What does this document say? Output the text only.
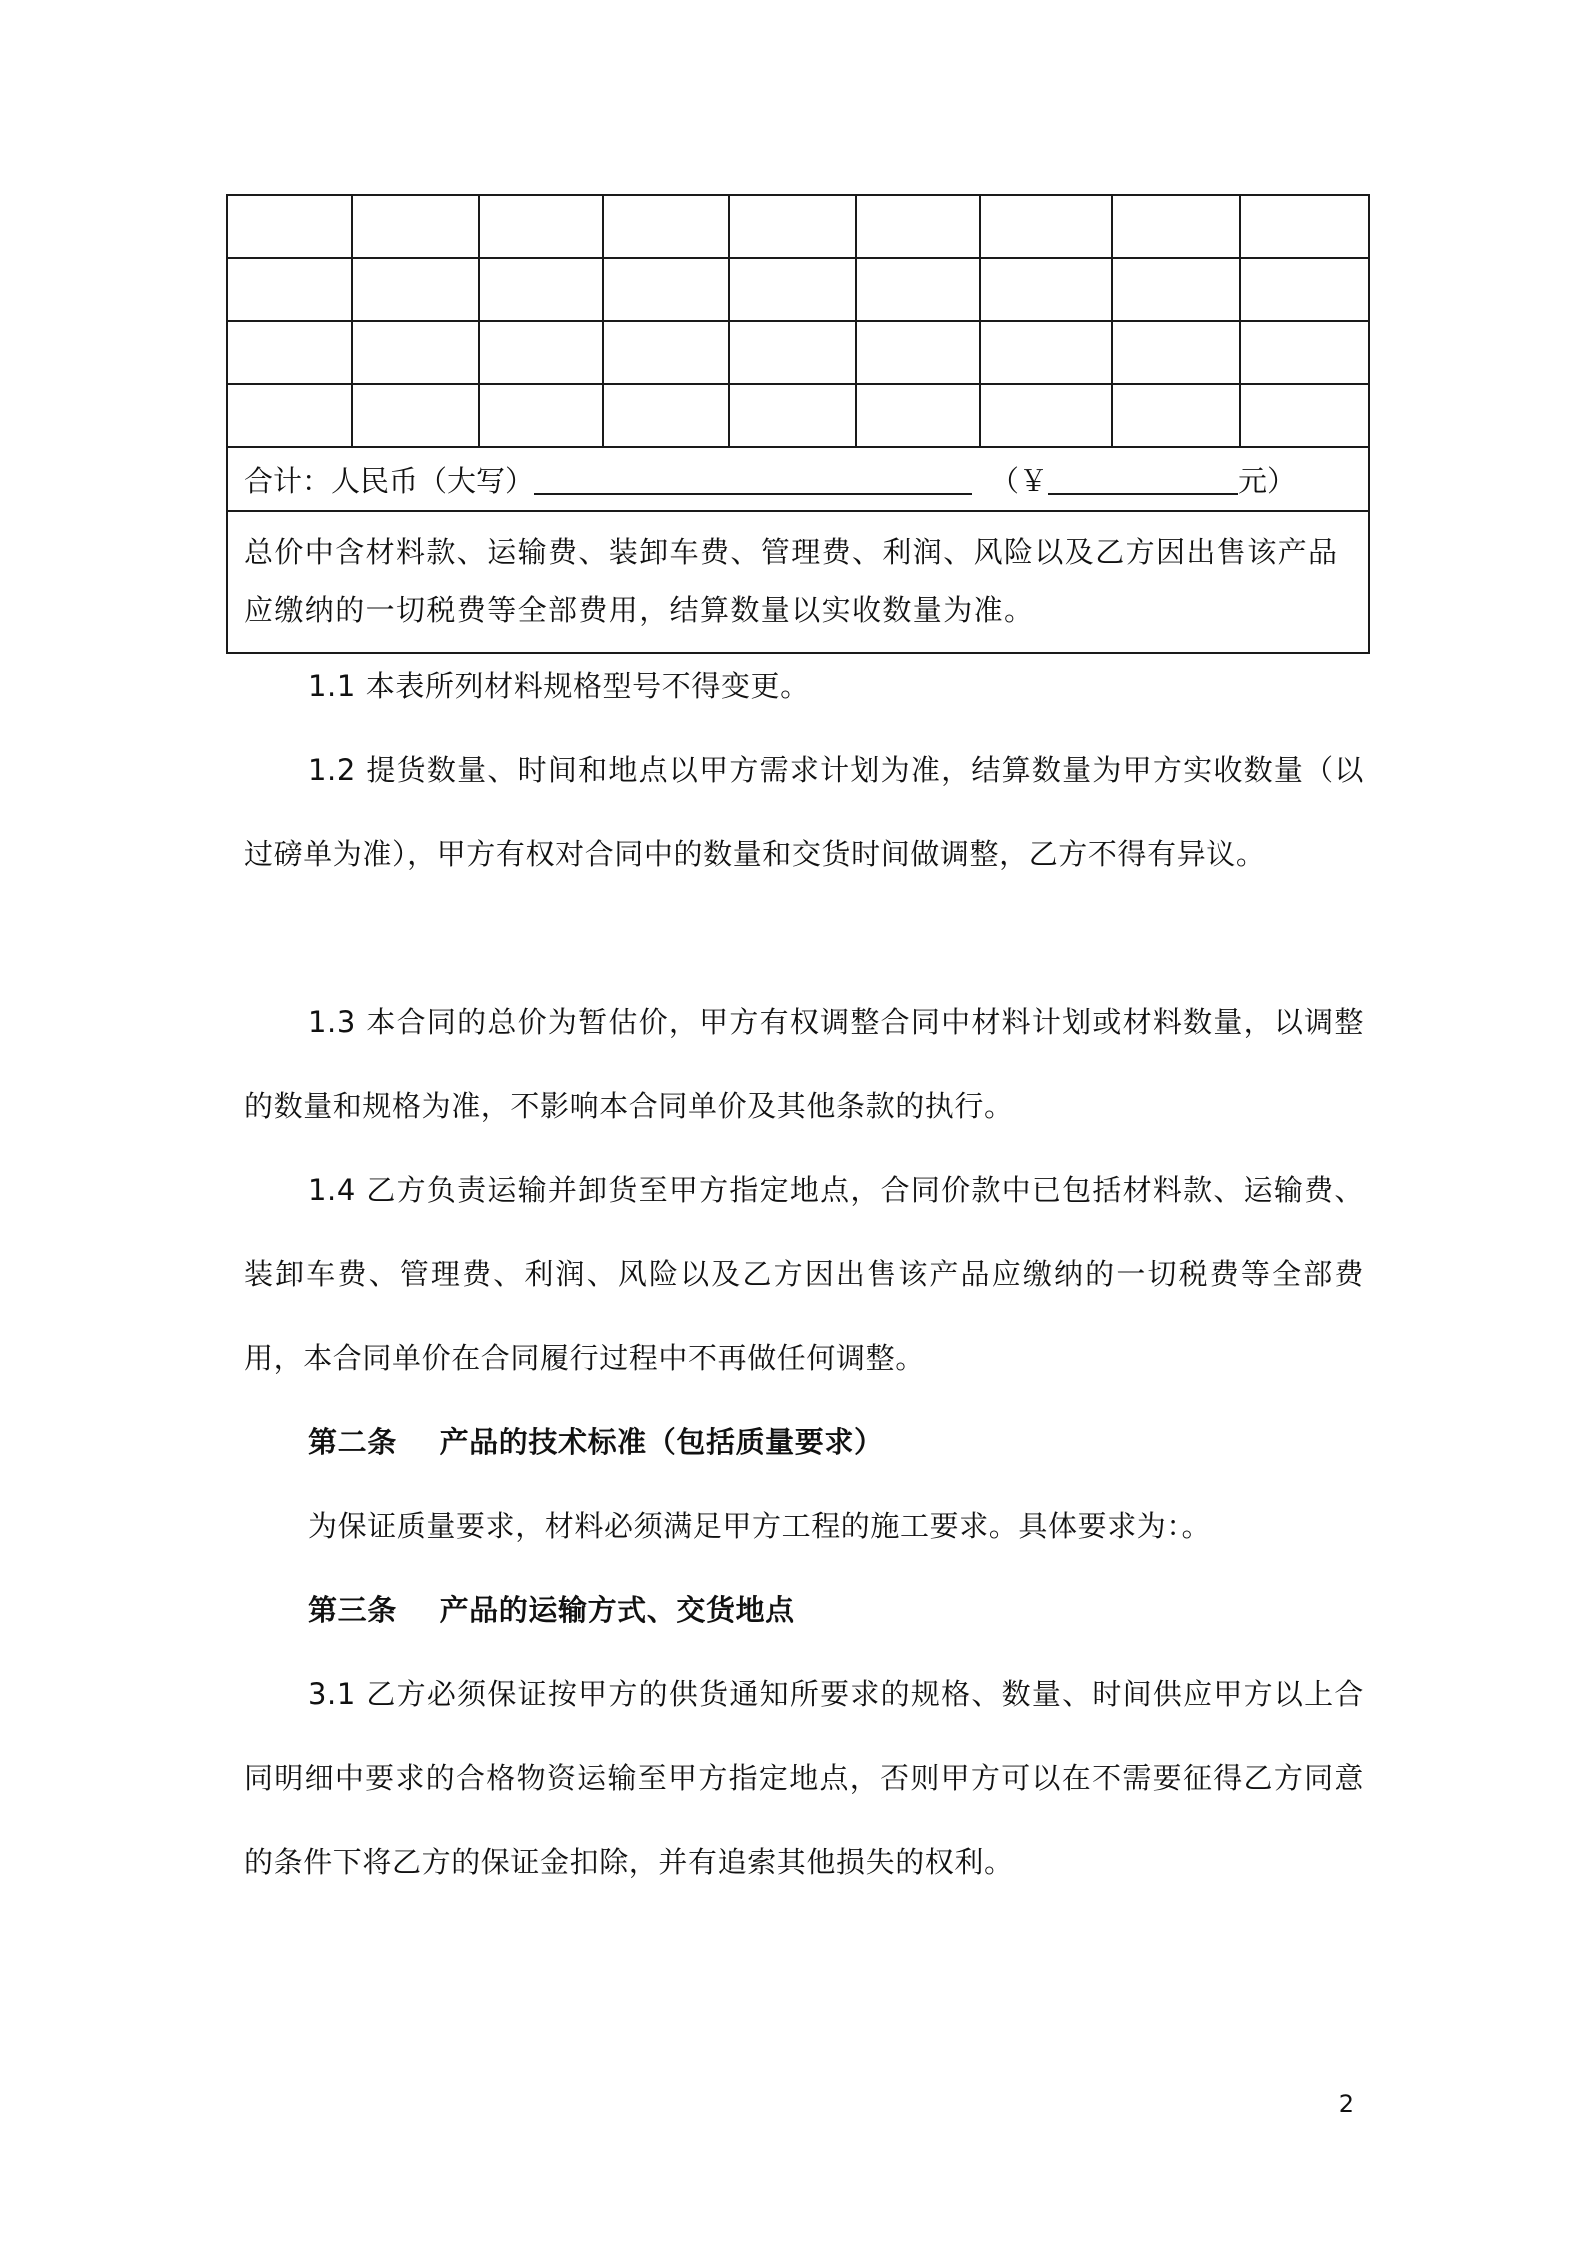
合计：人民币（大写） （￥ 元）								
总价中含材料款、运输费、装卸车费、管理费、利润、风险以及乙方因出售该产品应缴纳的一切税费等全部费用，结算数量以实收数量为准。								

1.1 本表所列材料规格型号不得变更。

1.2 提货数量、时间和地点以甲方需求计划为准，结算数量为甲方实收数量（以过磅单为准），甲方有权对合同中的数量和交货时间做调整，乙方不得有异议。

1.3 本合同的总价为暂估价，甲方有权调整合同中材料计划或材料数量，以调整的数量和规格为准，不影响本合同单价及其他条款的执行。

1.4 乙方负责运输并卸货至甲方指定地点，合同价款中已包括材料款、运输费、装卸车费、管理费、利润、风险以及乙方因出售该产品应缴纳的一切税费等全部费用，本合同单价在合同履行过程中不再做任何调整。

第二条    产品的技术标准（包括质量要求）

为保证质量要求，材料必须满足甲方工程的施工要求。具体要求为：。

第三条    产品的运输方式、交货地点

3.1 乙方必须保证按甲方的供货通知所要求的规格、数量、时间供应甲方以上合同明细中要求的合格物资运输至甲方指定地点，否则甲方可以在不需要征得乙方同意的条件下将乙方的保证金扣除，并有追索其他损失的权利。

2
